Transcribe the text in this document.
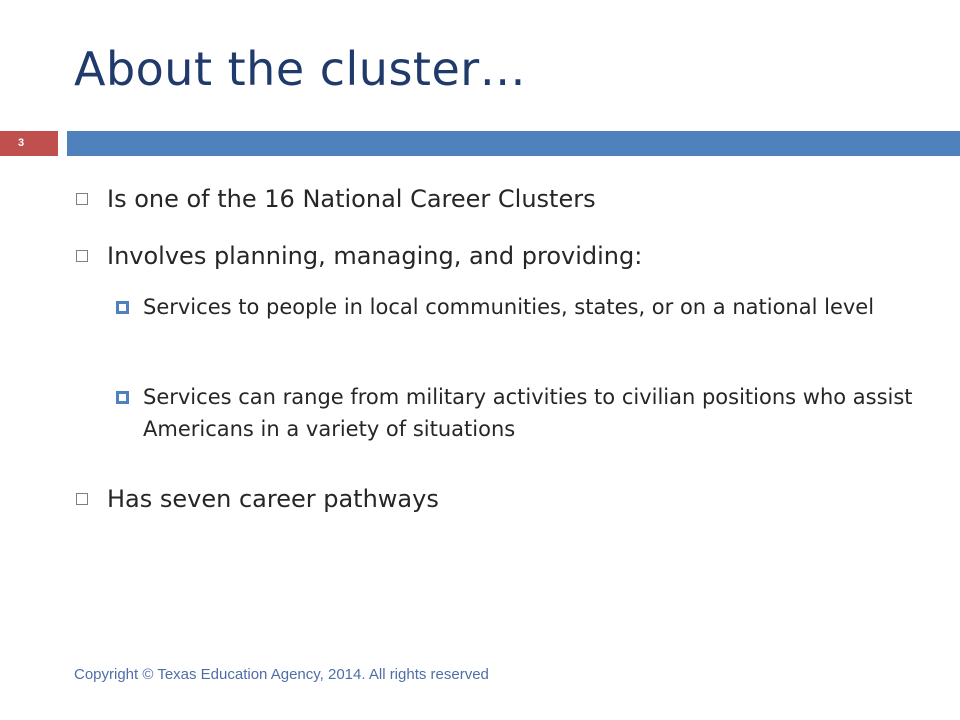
About the cluster…
3
Is one of the 16 National Career Clusters
Involves planning, managing, and providing:
Services to people in local communities, states, or on a national level
Services can range from military activities to civilian positions who assist Americans in a variety of situations
Has seven career pathways
Copyright © Texas Education Agency, 2014. All rights reserved
